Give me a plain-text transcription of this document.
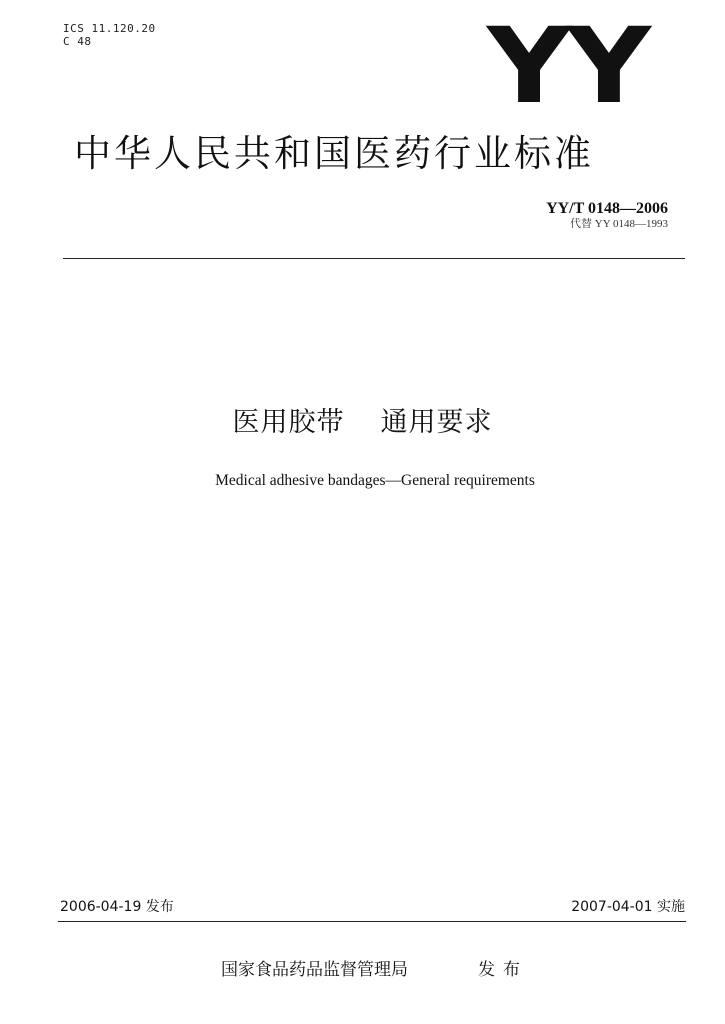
ICS 11.120.20
C 48	YY
中华人民共和国医药行业标准
YY/T 0148—2006
代替 YY 0148—1993
医用胶带 通用要求
Medical adhesive bandages—General requirements
2006-04-19 发布	2007-04-01 实施
国家食品药品监督管理局	发布
